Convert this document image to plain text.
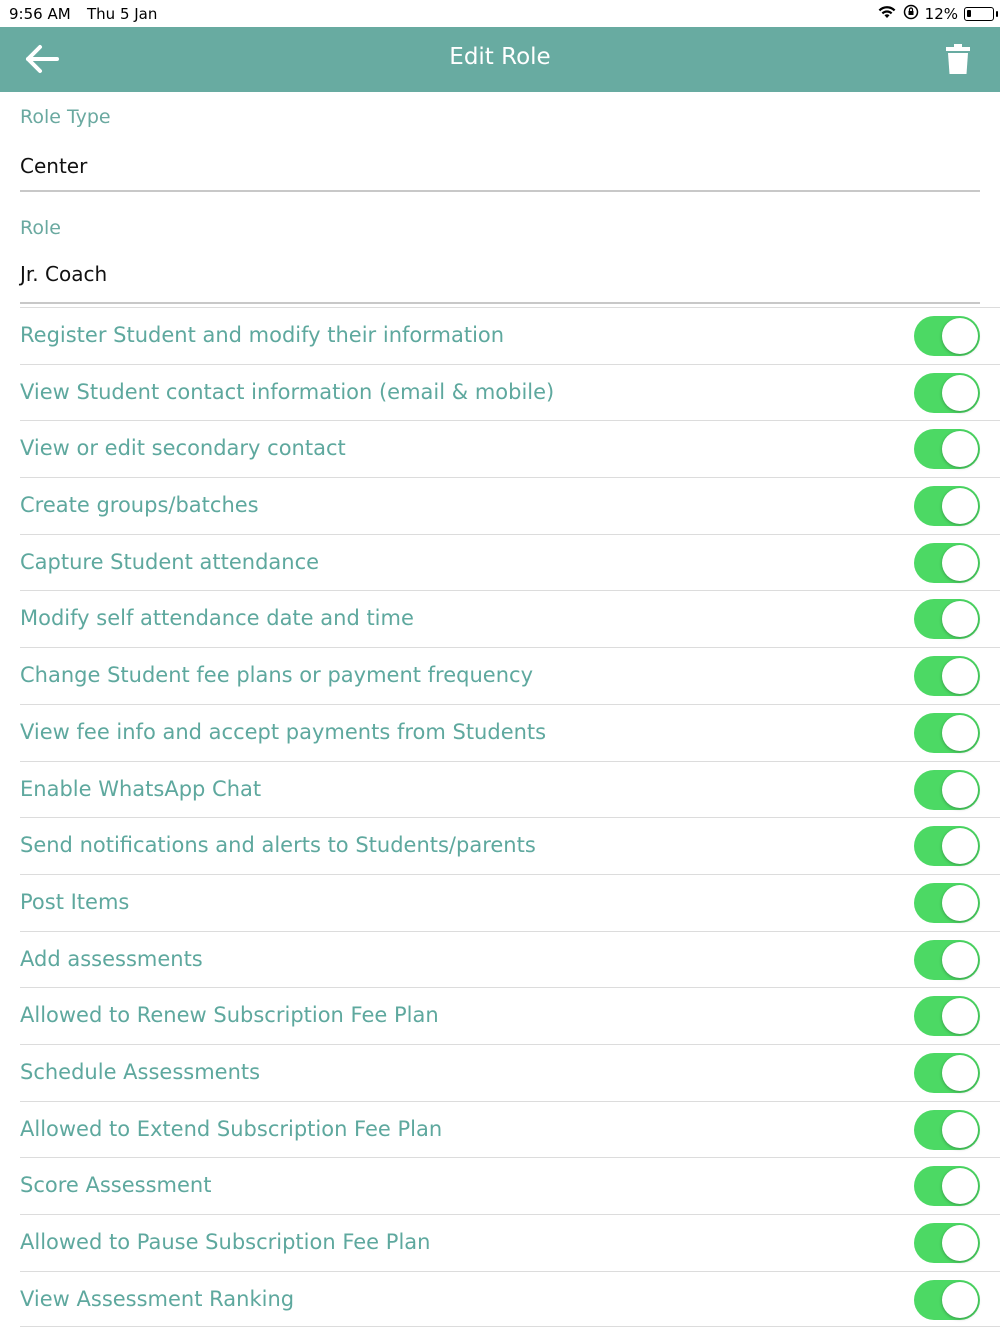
9:56 AM Thu 5 Jan	12%
Edit Role
Role Type
Center
Role
Jr. Coach
Register Student and modify their information
View Student contact information (email & mobile)
View or edit secondary contact
Create groups/batches
Capture Student attendance
Modify self attendance date and time
Change Student fee plans or payment frequency
View fee info and accept payments from Students
Enable WhatsApp Chat
Send notifications and alerts to Students/parents
Post Items
Add assessments
Allowed to Renew Subscription Fee Plan
Schedule Assessments
Allowed to Extend Subscription Fee Plan
Score Assessment
Allowed to Pause Subscription Fee Plan
View Assessment Ranking
